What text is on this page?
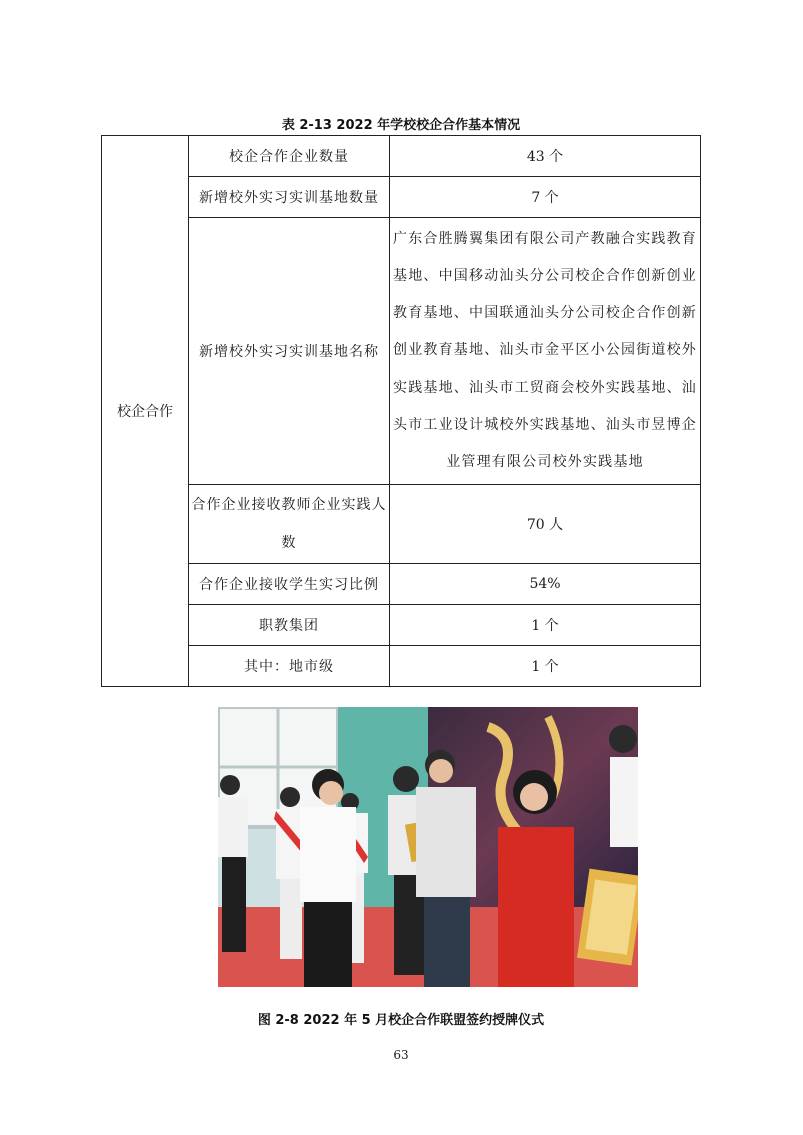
表 2-13 2022 年学校校企合作基本情况
校企合作	校企合作企业数量	43 个
	新增校外实习实训基地数量	7 个
	新增校外实习实训基地名称	广东合胜腾翼集团有限公司产教融合实践教育基地、中国移动汕头分公司校企合作创新创业教育基地、中国联通汕头分公司校企合作创新创业教育基地、汕头市金平区小公园街道校外实践基地、汕头市工贸商会校外实践基地、汕头市工业设计城校外实践基地、汕头市昱博企业管理有限公司校外实践基地
	合作企业接收教师企业实践人数	70 人
	合作企业接收学生实习比例	54%
	职教集团	1 个
	其中：地市级	1 个
图 2-8 2022 年 5 月校企合作联盟签约授牌仪式
63
